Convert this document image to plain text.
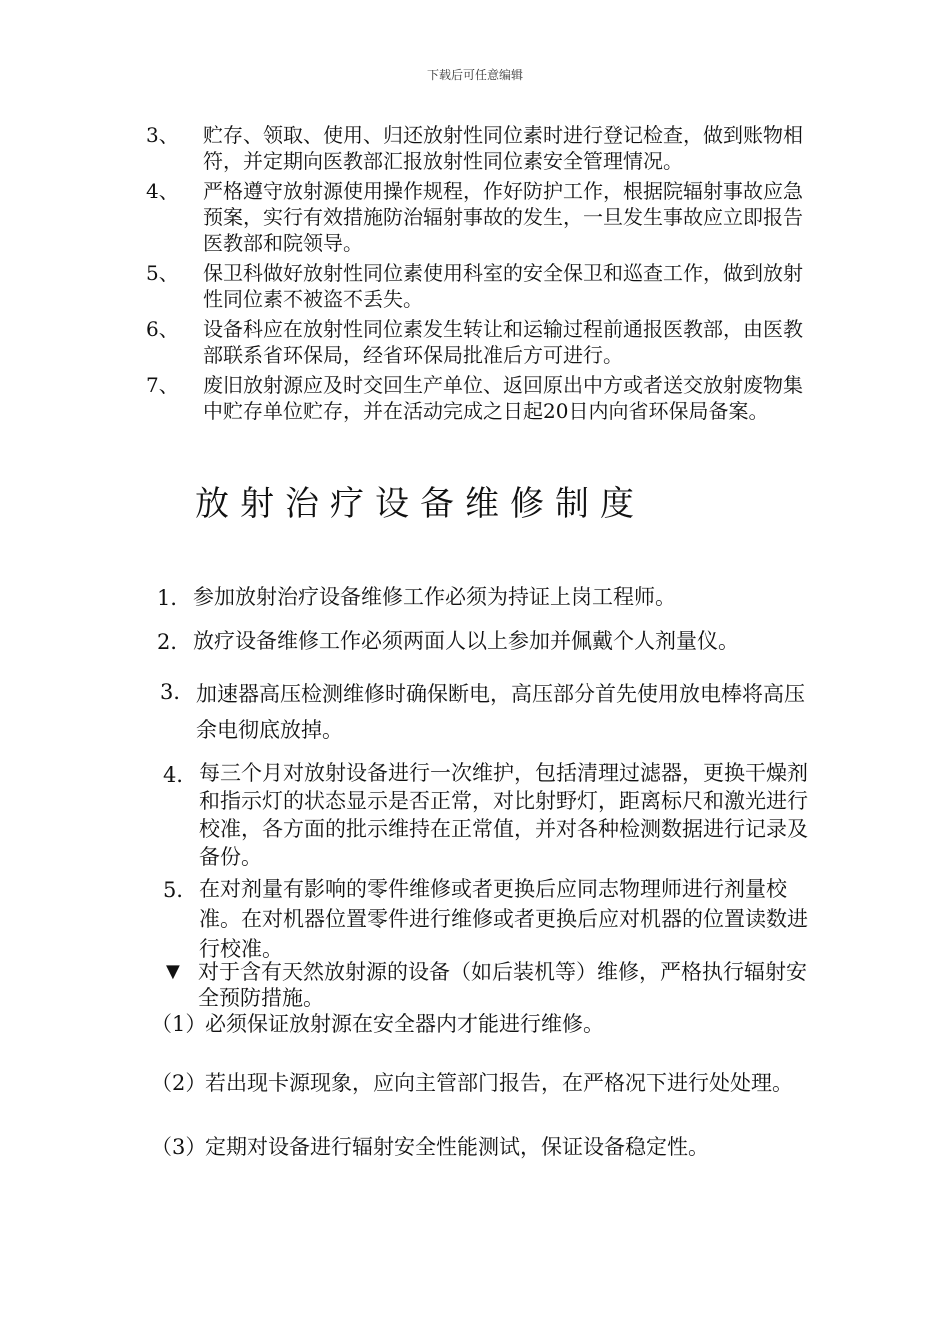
下载后可任意编辑
3、 贮存、领取、使用、归还放射性同位素时进行登记检查，做到账物相符，并定期向医教部汇报放射性同位素安全管理情况。
4、 严格遵守放射源使用操作规程，作好防护工作，根据院辐射事故应急预案，实行有效措施防治辐射事故的发生，一旦发生事故应立即报告医教部和院领导。
5、 保卫科做好放射性同位素使用科室的安全保卫和巡查工作，做到放射性同位素不被盗不丢失。
6、 设备科应在放射性同位素发生转让和运输过程前通报医教部，由医教部联系省环保局，经省环保局批准后方可进行。
7、 废旧放射源应及时交回生产单位、返回原出中方或者送交放射废物集中贮存单位贮存，并在活动完成之日起20日内向省环保局备案。
放射治疗设备维修制度
1． 参加放射治疗设备维修工作必须为持证上岗工程师。
2． 放疗设备维修工作必须两面人以上参加并佩戴个人剂量仪。
3． 加速器高压检测维修时确保断电，高压部分首先使用放电棒将高压余电彻底放掉。
4． 每三个月对放射设备进行一次维护，包括清理过滤器，更换干燥剂和指示灯的状态显示是否正常，对比射野灯，距离标尺和激光进行校准，各方面的批示维持在正常值，并对各种检测数据进行记录及备份。
5． 在对剂量有影响的零件维修或者更换后应同志物理师进行剂量校准。在对机器位置零件进行维修或者更换后应对机器的位置读数进行校准。
▼ 对于含有天然放射源的设备（如后装机等）维修，严格执行辐射安全预防措施。
（1）
必须保证放射源在安全器内才能进行维修。
（2）
若出现卡源现象，应向主管部门报告，在严格况下进行处处理。
（3）
定期对设备进行辐射安全性能测试，保证设备稳定性。
